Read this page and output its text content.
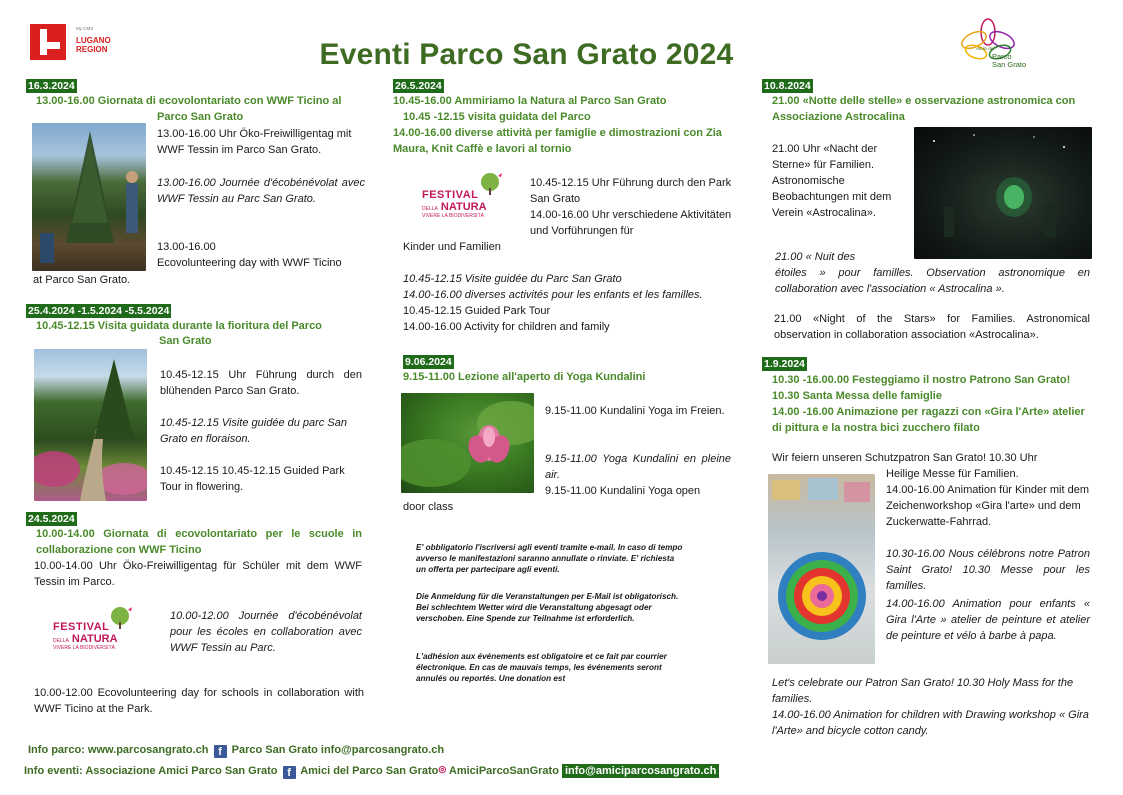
My CMS
LUGANO
REGION	Eventi Parco San Grato 2024	Amici del
Parco
San Grato
16.3.2024
13.00-16.00 Giornata di ecovolontariato con WWF Ticino al
Parco San Grato
13.00-16.00 Uhr Öko-Freiwilligentag mit WWF Tessin im Parco San Grato.
13.00-16.00 Journée d'écobénévolat avec WWF Tessin au Parc San Grato.
13.00-16.00
Ecovolunteering day with WWF Ticino
at Parco San Grato.
25.4.2024 -1.5.2024 -5.5.2024
10.45-12.15 Visita guidata durante la fioritura del Parco
San Grato
10.45-12.15 Uhr Führung durch den blühenden Parco San Grato.
10.45-12.15 Visite guidée du parc San Grato en floraison.
10.45-12.15 10.45-12.15 Guided Park Tour in flowering.
24.5.2024
10.00-14.00 Giornata di ecovolontariato per le scuole in collaborazione con WWF Ticino
10.00-14.00 Uhr Öko-Freiwilligentag für Schüler mit dem WWF Tessin im Parco.
FESTIVAL
DELLA NATURA
VIVERE LA BIODIVERSITÀ
10.00-12.00 Journée d'écobénévolat pour les écoles en collaboration avec WWF Tessin au Parc.
10.00-12.00 Ecovolunteering day for schools in collaboration with WWF Ticino at the Park.
26.5.2024
10.45-16.00 Ammiriamo la Natura al Parco San Grato
10.45 -12.15 visita guidata del Parco
14.00-16.00 diverse attività per famiglie e dimostrazioni con Zia Maura, Knit Caffè e lavori al tornio
FESTIVAL
DELLA NATURA
VIVERE LA BIODIVERSITÀ
10.45-12.15 Uhr Führung durch den Park San Grato
14.00-16.00 Uhr verschiedene Aktivitäten und Vorführungen für
Kinder und Familien
10.45-12.15 Visite guidée du Parc San Grato
14.00-16.00 diverses activités pour les enfants et les familles.
10.45-12.15 Guided Park Tour
14.00-16.00 Activity for children and family
9.06.2024
9.15-11.00 Lezione all'aperto di Yoga Kundalini
9.15-11.00 Kundalini Yoga im Freien.
9.15-11.00 Yoga Kundalini en pleine air.
9.15-11.00 Kundalini Yoga open
door class
E' obbligatorio l'iscriversi agli eventi tramite e-mail. In caso di tempo avverso le manifestazioni saranno annullate o rinviate. E' richiesta un offerta per partecipare agli eventi.
Die Anmeldung für die Veranstaltungen per E-Mail ist obligatorisch. Bei schlechtem Wetter wird die Veranstaltung abgesagt oder verschoben. Eine Spende zur Teilnahme ist erforderlich.
L'adhésion aux événements est obligatoire et ce fait par courrier électronique. En cas de mauvais temps, les événements seront annulés ou reportés. Une donation est
10.8.2024
21.00 «Notte delle stelle» e osservazione astronomica con Associazione Astrocalina
21.00 Uhr «Nacht der Sterne» für Familien. Astronomische Beobachtungen mit dem Verein «Astrocalina».
21.00 « Nuit des
étoiles » pour familles. Observation astronomique en collaboration avec l'association « Astrocalina ».
21.00 «Night of the Stars» for Families. Astronomical observation in collaboration association «Astrocalina».
1.9.2024
10.30 -16.00.00 Festeggiamo il nostro Patrono San Grato!
10.30 Santa Messa delle famiglie
14.00 -16.00 Animazione per ragazzi con «Gira l'Arte» atelier di pittura e la nostra bici zucchero filato
Wir feiern unseren Schutzpatron San Grato! 10.30 Uhr
Heilige Messe für Familien.
14.00-16.00 Animation für Kinder mit dem Zeichenworkshop «Gira l'arte» und dem Zuckerwatte-Fahrrad.
10.30-16.00 Nous célébrons notre Patron Saint Grato! 10.30 Messe pour les familles.
14.00-16.00 Animation pour enfants « Gira l'Arte » atelier de peinture et atelier de peinture et vélo à barbe à papa.
Let's celebrate our Patron San Grato! 10.30 Holy Mass for the families.
14.00-16.00 Animation for children with Drawing workshop « Gira l'Arte» and bicycle cotton candy.
Info parco: www.parcosangrato.ch f Parco San Grato info@parcosangrato.ch
Info eventi: Associazione Amici Parco San Grato f Amici del Parco San Grato◎ AmiciParcoSanGrato info@amiciparcosangrato.ch
